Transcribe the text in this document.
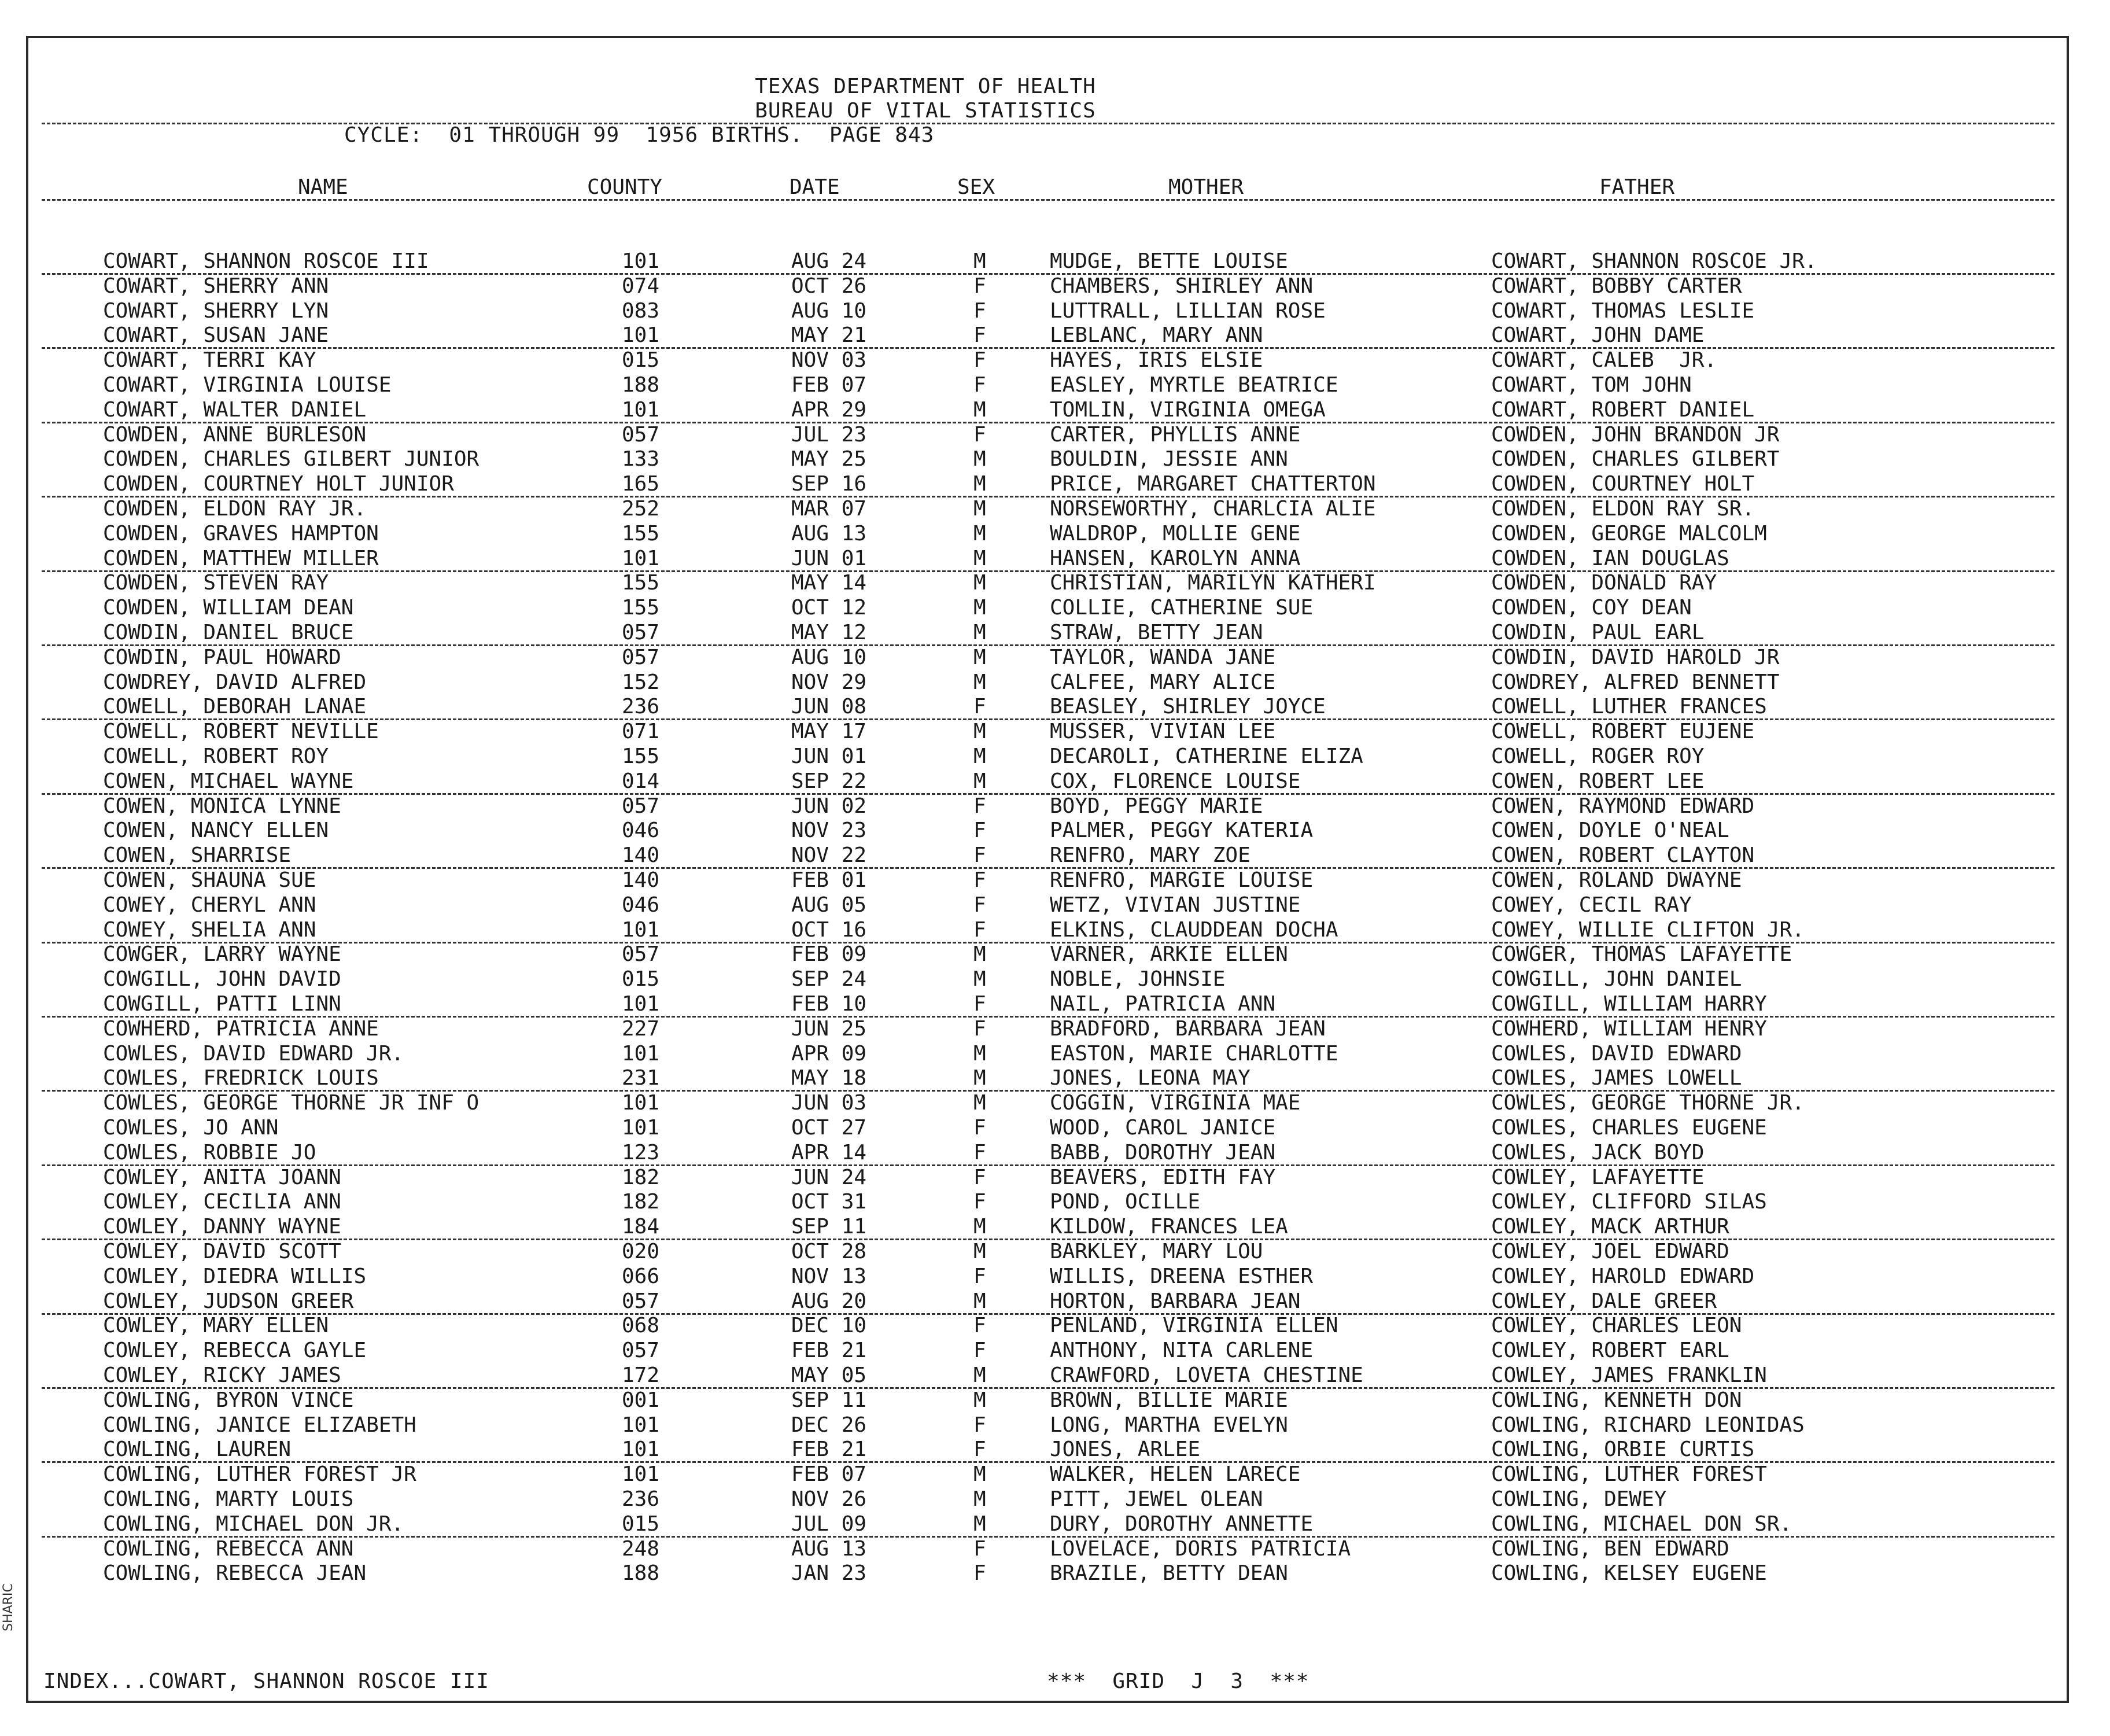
TEXAS DEPARTMENT OF HEALTH
BUREAU OF VITAL STATISTICS
CYCLE:  01 THROUGH 99  1956 BIRTHS.  PAGE 843
NAME	COUNTY	DATE	SEX	MOTHER	FATHER
COWART, SHANNON ROSCOE III	101	AUG 24	M	MUDGE, BETTE LOUISE	COWART, SHANNON ROSCOE JR.
COWART, SHERRY ANN	074	OCT 26	F	CHAMBERS, SHIRLEY ANN	COWART, BOBBY CARTER
COWART, SHERRY LYN	083	AUG 10	F	LUTTRALL, LILLIAN ROSE	COWART, THOMAS LESLIE
COWART, SUSAN JANE	101	MAY 21	F	LEBLANC, MARY ANN	COWART, JOHN DAME
COWART, TERRI KAY	015	NOV 03	F	HAYES, IRIS ELSIE	COWART, CALEB  JR.
COWART, VIRGINIA LOUISE	188	FEB 07	F	EASLEY, MYRTLE BEATRICE	COWART, TOM JOHN
COWART, WALTER DANIEL	101	APR 29	M	TOMLIN, VIRGINIA OMEGA	COWART, ROBERT DANIEL
COWDEN, ANNE BURLESON	057	JUL 23	F	CARTER, PHYLLIS ANNE	COWDEN, JOHN BRANDON JR
COWDEN, CHARLES GILBERT JUNIOR	133	MAY 25	M	BOULDIN, JESSIE ANN	COWDEN, CHARLES GILBERT
COWDEN, COURTNEY HOLT JUNIOR	165	SEP 16	M	PRICE, MARGARET CHATTERTON	COWDEN, COURTNEY HOLT
COWDEN, ELDON RAY JR.	252	MAR 07	M	NORSEWORTHY, CHARLCIA ALIE	COWDEN, ELDON RAY SR.
COWDEN, GRAVES HAMPTON	155	AUG 13	M	WALDROP, MOLLIE GENE	COWDEN, GEORGE MALCOLM
COWDEN, MATTHEW MILLER	101	JUN 01	M	HANSEN, KAROLYN ANNA	COWDEN, IAN DOUGLAS
COWDEN, STEVEN RAY	155	MAY 14	M	CHRISTIAN, MARILYN KATHERI	COWDEN, DONALD RAY
COWDEN, WILLIAM DEAN	155	OCT 12	M	COLLIE, CATHERINE SUE	COWDEN, COY DEAN
COWDIN, DANIEL BRUCE	057	MAY 12	M	STRAW, BETTY JEAN	COWDIN, PAUL EARL
COWDIN, PAUL HOWARD	057	AUG 10	M	TAYLOR, WANDA JANE	COWDIN, DAVID HAROLD JR
COWDREY, DAVID ALFRED	152	NOV 29	M	CALFEE, MARY ALICE	COWDREY, ALFRED BENNETT
COWELL, DEBORAH LANAE	236	JUN 08	F	BEASLEY, SHIRLEY JOYCE	COWELL, LUTHER FRANCES
COWELL, ROBERT NEVILLE	071	MAY 17	M	MUSSER, VIVIAN LEE	COWELL, ROBERT EUJENE
COWELL, ROBERT ROY	155	JUN 01	M	DECAROLI, CATHERINE ELIZA	COWELL, ROGER ROY
COWEN, MICHAEL WAYNE	014	SEP 22	M	COX, FLORENCE LOUISE	COWEN, ROBERT LEE
COWEN, MONICA LYNNE	057	JUN 02	F	BOYD, PEGGY MARIE	COWEN, RAYMOND EDWARD
COWEN, NANCY ELLEN	046	NOV 23	F	PALMER, PEGGY KATERIA	COWEN, DOYLE O'NEAL
COWEN, SHARRISE	140	NOV 22	F	RENFRO, MARY ZOE	COWEN, ROBERT CLAYTON
COWEN, SHAUNA SUE	140	FEB 01	F	RENFRO, MARGIE LOUISE	COWEN, ROLAND DWAYNE
COWEY, CHERYL ANN	046	AUG 05	F	WETZ, VIVIAN JUSTINE	COWEY, CECIL RAY
COWEY, SHELIA ANN	101	OCT 16	F	ELKINS, CLAUDDEAN DOCHA	COWEY, WILLIE CLIFTON JR.
COWGER, LARRY WAYNE	057	FEB 09	M	VARNER, ARKIE ELLEN	COWGER, THOMAS LAFAYETTE
COWGILL, JOHN DAVID	015	SEP 24	M	NOBLE, JOHNSIE	COWGILL, JOHN DANIEL
COWGILL, PATTI LINN	101	FEB 10	F	NAIL, PATRICIA ANN	COWGILL, WILLIAM HARRY
COWHERD, PATRICIA ANNE	227	JUN 25	F	BRADFORD, BARBARA JEAN	COWHERD, WILLIAM HENRY
COWLES, DAVID EDWARD JR.	101	APR 09	M	EASTON, MARIE CHARLOTTE	COWLES, DAVID EDWARD
COWLES, FREDRICK LOUIS	231	MAY 18	M	JONES, LEONA MAY	COWLES, JAMES LOWELL
COWLES, GEORGE THORNE JR INF O	101	JUN 03	M	COGGIN, VIRGINIA MAE	COWLES, GEORGE THORNE JR.
COWLES, JO ANN	101	OCT 27	F	WOOD, CAROL JANICE	COWLES, CHARLES EUGENE
COWLES, ROBBIE JO	123	APR 14	F	BABB, DOROTHY JEAN	COWLES, JACK BOYD
COWLEY, ANITA JOANN	182	JUN 24	F	BEAVERS, EDITH FAY	COWLEY, LAFAYETTE
COWLEY, CECILIA ANN	182	OCT 31	F	POND, OCILLE	COWLEY, CLIFFORD SILAS
COWLEY, DANNY WAYNE	184	SEP 11	M	KILDOW, FRANCES LEA	COWLEY, MACK ARTHUR
COWLEY, DAVID SCOTT	020	OCT 28	M	BARKLEY, MARY LOU	COWLEY, JOEL EDWARD
COWLEY, DIEDRA WILLIS	066	NOV 13	F	WILLIS, DREENA ESTHER	COWLEY, HAROLD EDWARD
COWLEY, JUDSON GREER	057	AUG 20	M	HORTON, BARBARA JEAN	COWLEY, DALE GREER
COWLEY, MARY ELLEN	068	DEC 10	F	PENLAND, VIRGINIA ELLEN	COWLEY, CHARLES LEON
COWLEY, REBECCA GAYLE	057	FEB 21	F	ANTHONY, NITA CARLENE	COWLEY, ROBERT EARL
COWLEY, RICKY JAMES	172	MAY 05	M	CRAWFORD, LOVETA CHESTINE	COWLEY, JAMES FRANKLIN
COWLING, BYRON VINCE	001	SEP 11	M	BROWN, BILLIE MARIE	COWLING, KENNETH DON
COWLING, JANICE ELIZABETH	101	DEC 26	F	LONG, MARTHA EVELYN	COWLING, RICHARD LEONIDAS
COWLING, LAUREN	101	FEB 21	F	JONES, ARLEE	COWLING, ORBIE CURTIS
COWLING, LUTHER FOREST JR	101	FEB 07	M	WALKER, HELEN LARECE	COWLING, LUTHER FOREST
COWLING, MARTY LOUIS	236	NOV 26	M	PITT, JEWEL OLEAN	COWLING, DEWEY
COWLING, MICHAEL DON JR.	015	JUL 09	M	DURY, DOROTHY ANNETTE	COWLING, MICHAEL DON SR.
COWLING, REBECCA ANN	248	AUG 13	F	LOVELACE, DORIS PATRICIA	COWLING, BEN EDWARD
COWLING, REBECCA JEAN	188	JAN 23	F	BRAZILE, BETTY DEAN	COWLING, KELSEY EUGENE
INDEX...COWART, SHANNON ROSCOE III	***  GRID  J  3  ***
SHARIC
